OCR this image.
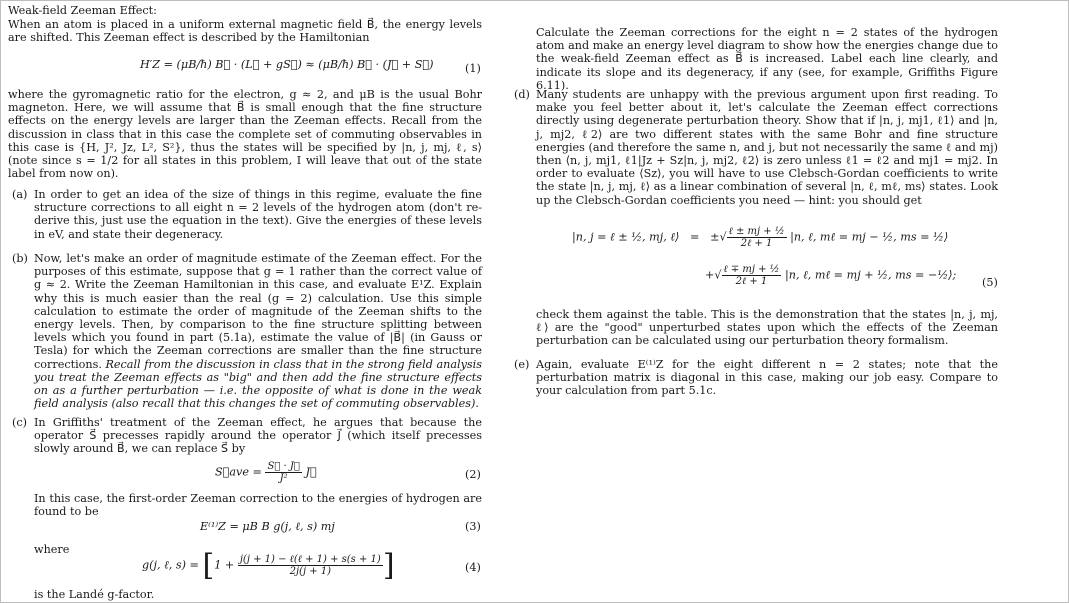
Weak-field Zeeman Effect:

When an atom is placed in a uniform external magnetic field B⃗, the energy levels are shifted. This Zeeman effect is described by the Hamiltonian

H′Z = (μB/ħ) B⃗ · (L⃗ + gS⃗) ≈ (μB/ħ) B⃗ · (J⃗ + S⃗)	(1)

where the gyromagnetic ratio for the electron, g ≈ 2, and μB is the usual Bohr magneton. Here, we will assume that B⃗ is small enough that the fine structure effects on the energy levels are larger than the Zeeman effects. Recall from the discussion in class that in this case the complete set of commuting observables in this case is {H, J², Jz, L², S²}, thus the states will be specified by |n, j, mj, ℓ, s⟩ (note since s = 1/2 for all states in this problem, I will leave that out of the state label from now on).

(a) In order to get an idea of the size of things in this regime, evaluate the fine structure corrections to all eight n = 2 levels of the hydrogen atom (don't re-derive this, just use the equation in the text). Give the energies of these levels in eV, and state their degeneracy.

(b) Now, let's make an order of magnitude estimate of the Zeeman effect. For the purposes of this estimate, suppose that g = 1 rather than the correct value of g ≈ 2. Write the Zeeman Hamiltonian in this case, and evaluate E¹Z. Explain why this is much easier than the real (g = 2) calculation. Use this simple calculation to estimate the order of magnitude of the Zeeman shifts to the energy levels. Then, by comparison to the fine structure splitting between levels which you found in part (5.1a), estimate the value of |B⃗| (in Gauss or Tesla) for which the Zeeman corrections are smaller than the fine structure corrections. Recall from the discussion in class that in the strong field analysis you treat the Zeeman effects as "big" and then add the fine structure effects on as a further perturbation — i.e. the opposite of what is done in the weak field analysis (also recall that this changes the set of commuting observables).

(c) In Griffiths' treatment of the Zeeman effect, he argues that because the operator S⃗ precesses rapidly around the operator J⃗ (which itself precesses slowly around B⃗, we can replace S⃗ by

S⃗ave = $\frac{S⃗ \cdot J⃗}{\text{J²}}$ J⃗	(2)

In this case, the first-order Zeeman correction to the energies of hydrogen are found to be

E⁽¹⁾Z = μB B g(j, ℓ, s) mj	(3)
where
g(j, ℓ, $s) = [1 + \frac{\text{j(j + 1) − ℓ(ℓ + 1) + s(s + 1)}}{2j(j + 1)}$ ]	(4)
is the Landé g-factor.

Calculate the Zeeman corrections for the eight n = 2 states of the hydrogen atom and make an energy level diagram to show how the energies change due to the weak-field Zeeman effect as B⃗ is increased. Label each line clearly, and indicate its slope and its degeneracy, if any (see, for example, Griffiths Figure 6.11).

(d) Many students are unhappy with the previous argument upon first reading. To make you feel better about it, let's calculate the Zeeman effect corrections directly using degenerate perturbation theory. Show that if |n, j, mj1, ℓ1⟩ and |n, j, mj2, ℓ2⟩ are two different states with the same Bohr and fine structure energies (and therefore the same n, and j, but not necessarily the same ℓ and mj) then ⟨n, j, mj1, ℓ1|Jz + Sz|n, j, mj2, ℓ2⟩ is zero unless ℓ1 = ℓ2 and mj1 = mj2. In order to evaluate ⟨Sz⟩, you will have to use Clebsch-Gordan coefficients to write the state |n, j, mj, ℓ⟩ as a linear combination of several |n, ℓ, mℓ, ms⟩ states. Look up the Clebsch-Gordan coefficients you need — hint: you should get

|n, j = ℓ ± ½, mj, ℓ⟩ = ±√ $\frac{\text{ℓ ± mj + ½}}{\text{2ℓ + 1}} |n$, ℓ, mℓ = mj − ½, ms = ½⟩
+√ $\frac{\text{ℓ ∓ mj + ½}}{\text{2ℓ + 1}} |n$, ℓ, mℓ = mj + ½, ms = −½⟩;
(5)

check them against the table. This is the demonstration that the states |n, j, mj, ℓ⟩ are the "good" unperturbed states upon which the effects of the Zeeman perturbation can be calculated using our perturbation theory formalism.

(e) Again, evaluate E⁽¹⁾Z for the eight different n = 2 states; note that the perturbation matrix is diagonal in this case, making our job easy. Compare to your calculation from part 5.1c.
